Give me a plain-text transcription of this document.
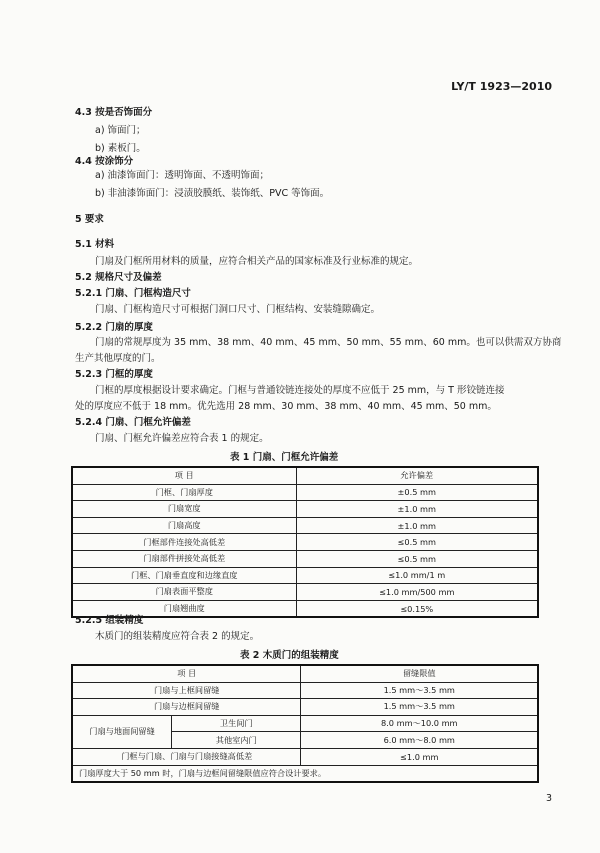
LY/T 1923—2010
4.3 按是否饰面分
a) 饰面门；
b) 素板门。
4.4 按涂饰分
a) 油漆饰面门：透明饰面、不透明饰面；
b) 非油漆饰面门：浸渍胶膜纸、装饰纸、PVC 等饰面。
5 要求
5.1 材料
门扇及门框所用材料的质量，应符合相关产品的国家标准及行业标准的规定。
5.2 规格尺寸及偏差
5.2.1 门扇、门框构造尺寸
门扇、门框构造尺寸可根据门洞口尺寸、门框结构、安装缝隙确定。
5.2.2 门扇的厚度
门扇的常规厚度为 35 mm、38 mm、40 mm、45 mm、50 mm、55 mm、60 mm。也可以供需双方协商
生产其他厚度的门。
5.2.3 门框的厚度
门框的厚度根据设计要求确定。门框与普通铰链连接处的厚度不应低于 25 mm，与 T 形铰链连接
处的厚度应不低于 18 mm。优先选用 28 mm、30 mm、38 mm、40 mm、45 mm、50 mm。
5.2.4 门扇、门框允许偏差
门扇、门框允许偏差应符合表 1 的规定。
表 1 门扇、门框允许偏差
项 目	允许偏差
门框、门扇厚度	±0.5 mm
门扇宽度	±1.0 mm
门扇高度	±1.0 mm
门框部件连接处高低差	≤0.5 mm
门扇部件拼接处高低差	≤0.5 mm
门框、门扇垂直度和边缘直度	≤1.0 mm/1 m
门扇表面平整度	≤1.0 mm/500 mm
门扇翘曲度	≤0.15%
5.2.5 组装精度
木质门的组装精度应符合表 2 的规定。
表 2 木质门的组装精度
项 目		留缝限值
门扇与上框间留缝		1.5 mm～3.5 mm
门扇与边框间留缝		1.5 mm～3.5 mm
门扇与地面间留缝	卫生间门	8.0 mm～10.0 mm
	其他室内门	6.0 mm～8.0 mm
门框与门扇、门扇与门扇接缝高低差		≤1.0 mm
门扇厚度大于 50 mm 时，门扇与边框间留缝限值应符合设计要求。		
3
